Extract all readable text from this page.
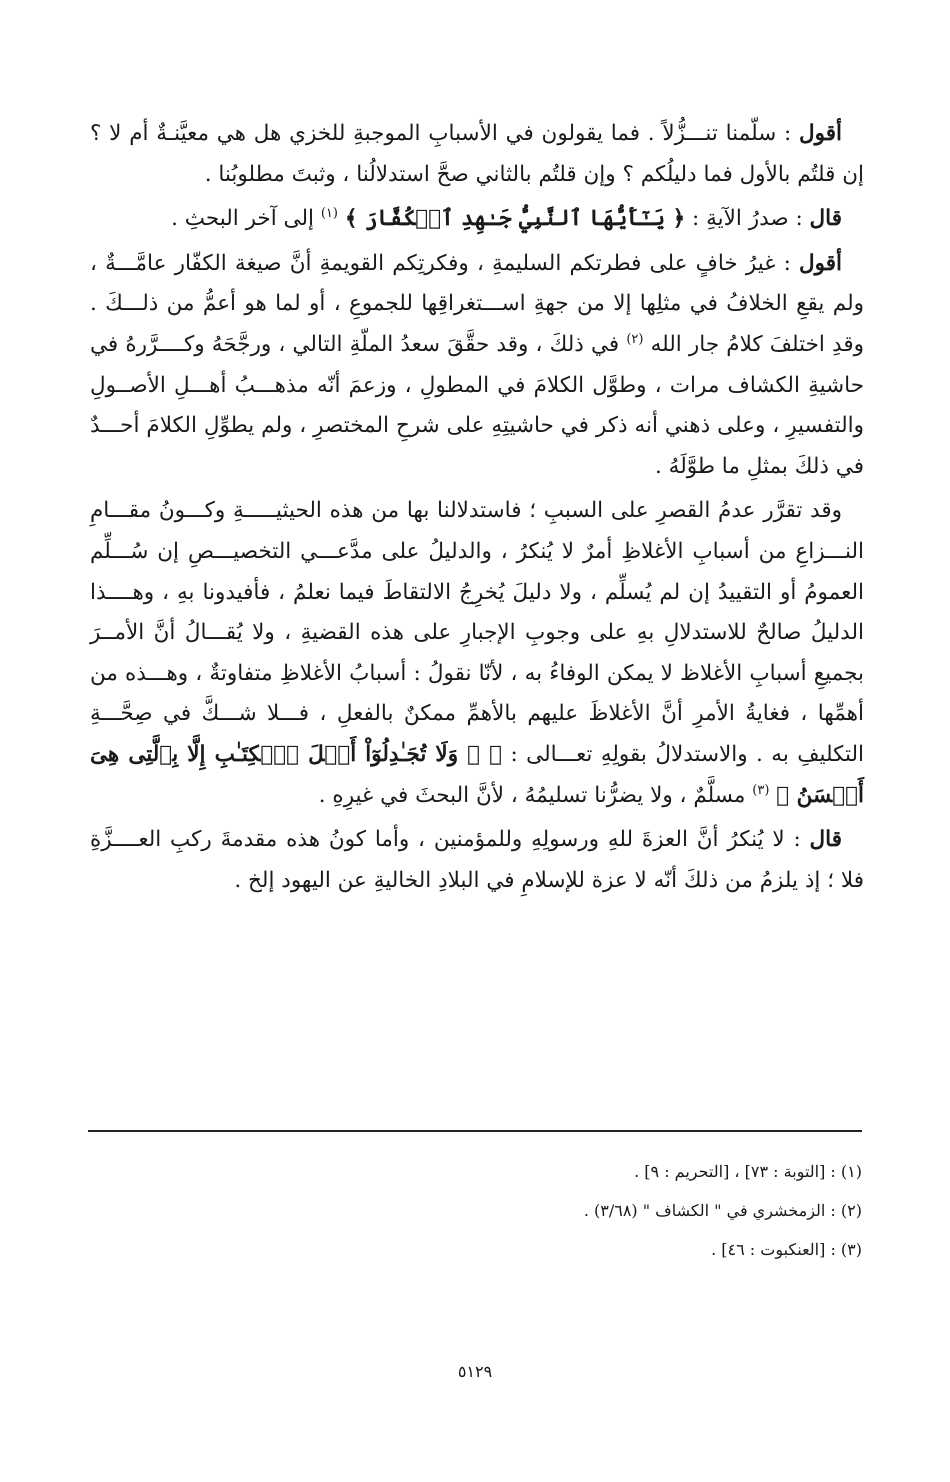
أقول : سلّمنا تنـــزُّلاً . فما يقولون في الأسبابِ الموجبةِ للخزي هل هي معيَّنـةٌ أم لا ؟ إن قلتُم بالأول فما دليلُكم ؟ وإن قلتُم بالثاني صحَّ استدلالُنا ، وثبتَ مطلوبُنا .

قال : صدرُ الآيةِ : ﴿ يَـٰٓأَيُّهَا ٱلنَّبِيُّ جَـٰهِدِ ٱلۡكُفَّارَ ﴾ $^{(١)}$ إلى آخر البحثِ .

أقول : غيرُ خافٍ على فطرتكم السليمةِ ، وفكرتِكم القويمةِ أنَّ صيغة الكفّار عامَّـــةٌ ، ولم يقعِ الخلافُ في مثلِها إلا من جهةِ اســـتغراقِها للجموعِ ، أو لما هو أعمُّ من ذلـــكَ . وقدِ اختلفَ كلامُ جار الله $^{(٢)}$ في ذلكَ ، وقد حقَّقَ سعدُ الملّةِ التالي ، ورجَّحَهُ وكــــرَّرهُ في حاشيةِ الكشاف مرات ، وطوَّل الكلامَ في المطولِ ، وزعمَ أنّه مذهـــبُ أهـــلِ الأصــولِ والتفسيرِ ، وعلى ذهني أنه ذكر في حاشيتِهِ على شرحِ المختصرِ ، ولم يطوِّلِ الكلامَ أحـــدٌ في ذلكَ بمثلِ ما طوَّلَهُ .

وقد تقرَّر عدمُ القصرِ على السببِ ؛ فاستدلالنا بها من هذه الحيثيـــــةِ وكـــونُ مقـــامِ النـــزاعِ من أسبابِ الأغلاظِ أمرٌ لا يُنكرُ ، والدليلُ على مدَّعـــي التخصيـــصِ إن سُـــلِّم العمومُ أو التقييدُ إن لم يُسلِّم ، ولا دليلَ يُخرِجُ الالتقاطَ فيما نعلمُ ، فأفيدونا بهِ ، وهــــذا الدليلُ صالحٌ للاستدلالِ بهِ على وجوبِ الإجبارِ على هذه القضيةِ ، ولا يُقـــالُ أنَّ الأمــرَ بجميعِ أسبابِ الأغلاظ لا يمكن الوفاءُ به ، لأنّا نقولُ : أسبابُ الأغلاظِ متفاوتةٌ ، وهـــذه من أهمِّها ، فغايةُ الأمرِ أنَّ الأغلاظَ عليهم بالأهمِّ ممكنٌ بالفعلِ ، فـــلا شـــكَّ في صِحَّـــةِ التكليفِ به . والاستدلالُ بقولِهِ تعـــالى : ﴿ ۞ وَلَا تُجَـٰدِلُوٓاْ أَهۡلَ ٱلۡكِتَـٰبِ إِلَّا بِٱلَّتِى هِىَ أَحۡسَنُ ﴾ $^{(٣)}$ مسلَّمٌ ، ولا يضرُّنا تسليمُهُ ، لأنَّ البحثَ في غيرِهِ .

قال : لا يُنكرُ أنَّ العزةَ للهِ ورسولِهِ وللمؤمنين ، وأما كونُ هذه مقدمةَ ركبِ العــــزَّةِ فلا ؛ إذ يلزمُ من ذلكَ أنّه لا عزة للإسلامِ في البلادِ الخاليةِ عن اليهود إلخ .

(١) : [التوبة : ٧٣] ، [التحريم : ٩] .

(٢) : الزمخشري في " الكشاف " (٣/٦٨) .

(٣) : [العنكبوت : ٤٦] .

٥١٢٩
